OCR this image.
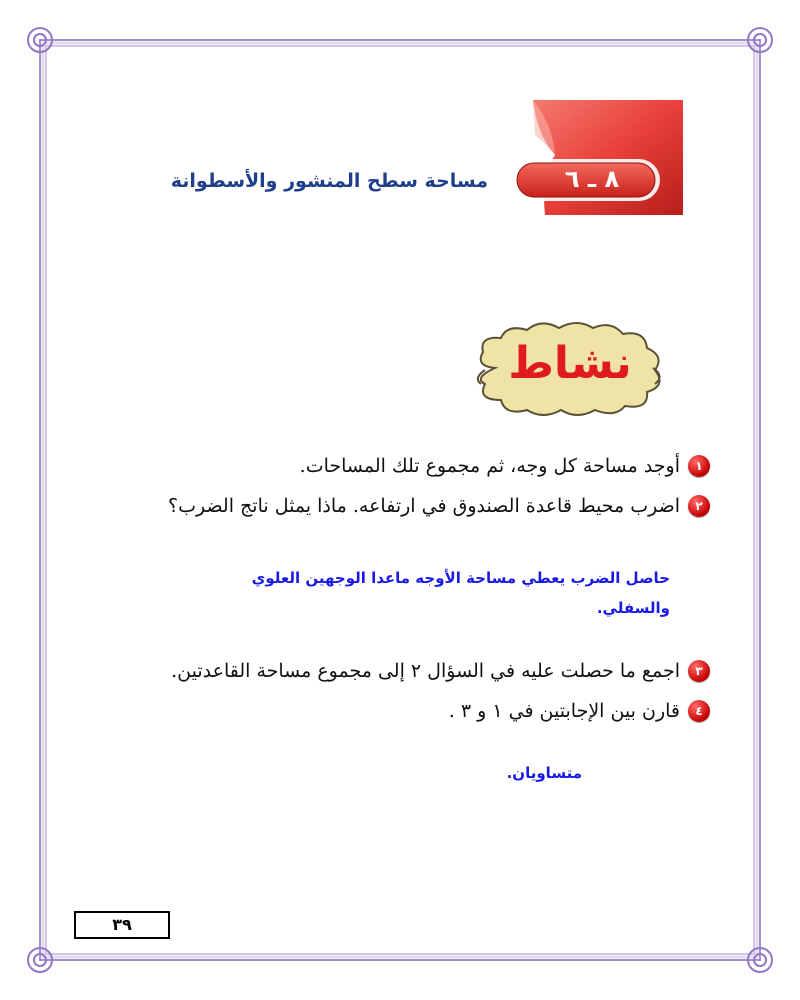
٨ ـ ٦
مساحة سطح المنشور والأسطوانة
نشاط
١أوجد مساحة كل وجه، ثم مجموع تلك المساحات.
٢اضرب محيط قاعدة الصندوق في ارتفاعه. ماذا يمثل ناتج الضرب؟
حاصل الضرب يعطي مساحة الأوجه ماعدا الوجهين العلوي والسفلي.
٣اجمع ما حصلت عليه في السؤال ٢ إلى مجموع مساحة القاعدتين.
٤قارن بين الإجابتين في ١ و ٣ .
متساويان.
٣٩
